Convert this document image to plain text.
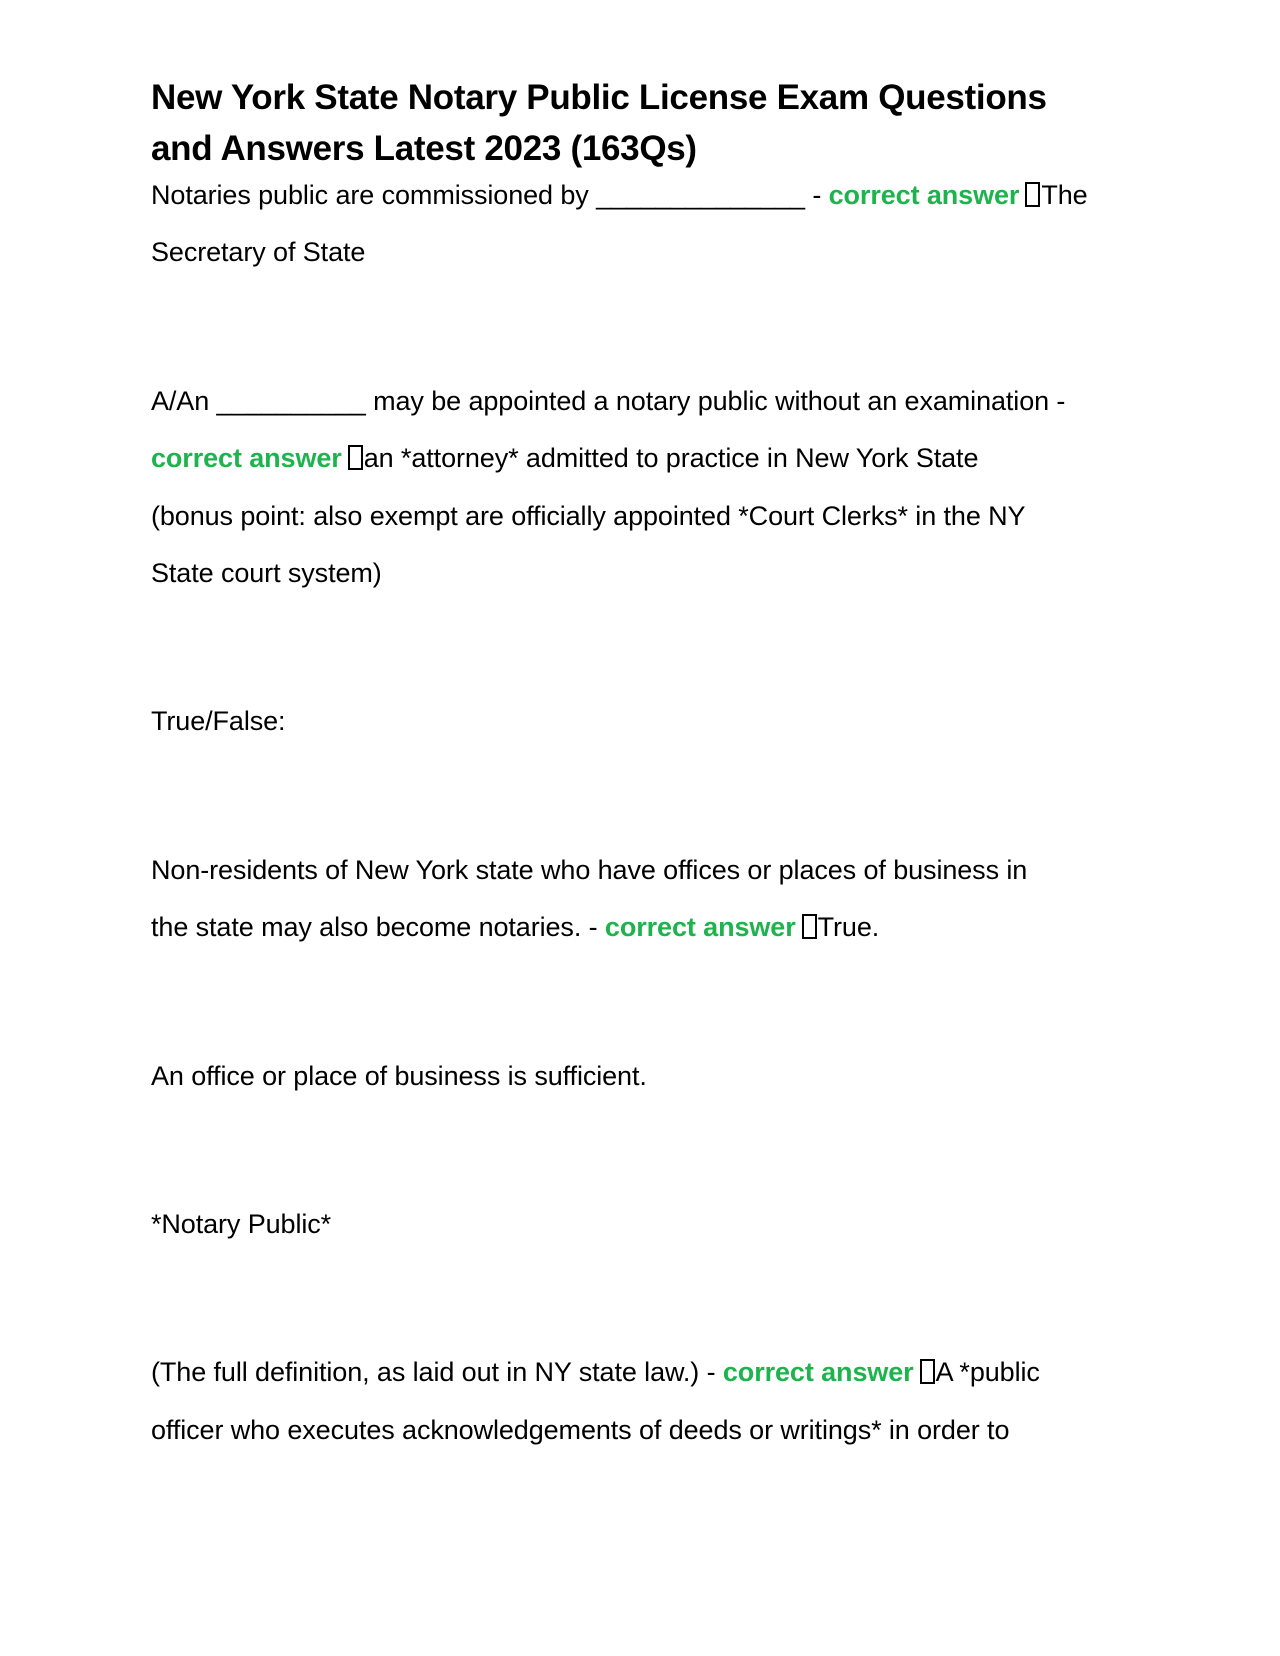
New York State Notary Public License Exam Questions
and Answers Latest 2023 (163Qs)

Notaries public are commissioned by ______________ - correct answer The
Secretary of State

A/An __________ may be appointed a notary public without an examination -
correct answer an *attorney* admitted to practice in New York State
(bonus point: also exempt are officially appointed *Court Clerks* in the NY
State court system)

True/False:

Non-residents of New York state who have offices or places of business in
the state may also become notaries. - correct answer True.

An office or place of business is sufficient.

*Notary Public*

(The full definition, as laid out in NY state law.) - correct answer A *public
officer who executes acknowledgements of deeds or writings* in order to
